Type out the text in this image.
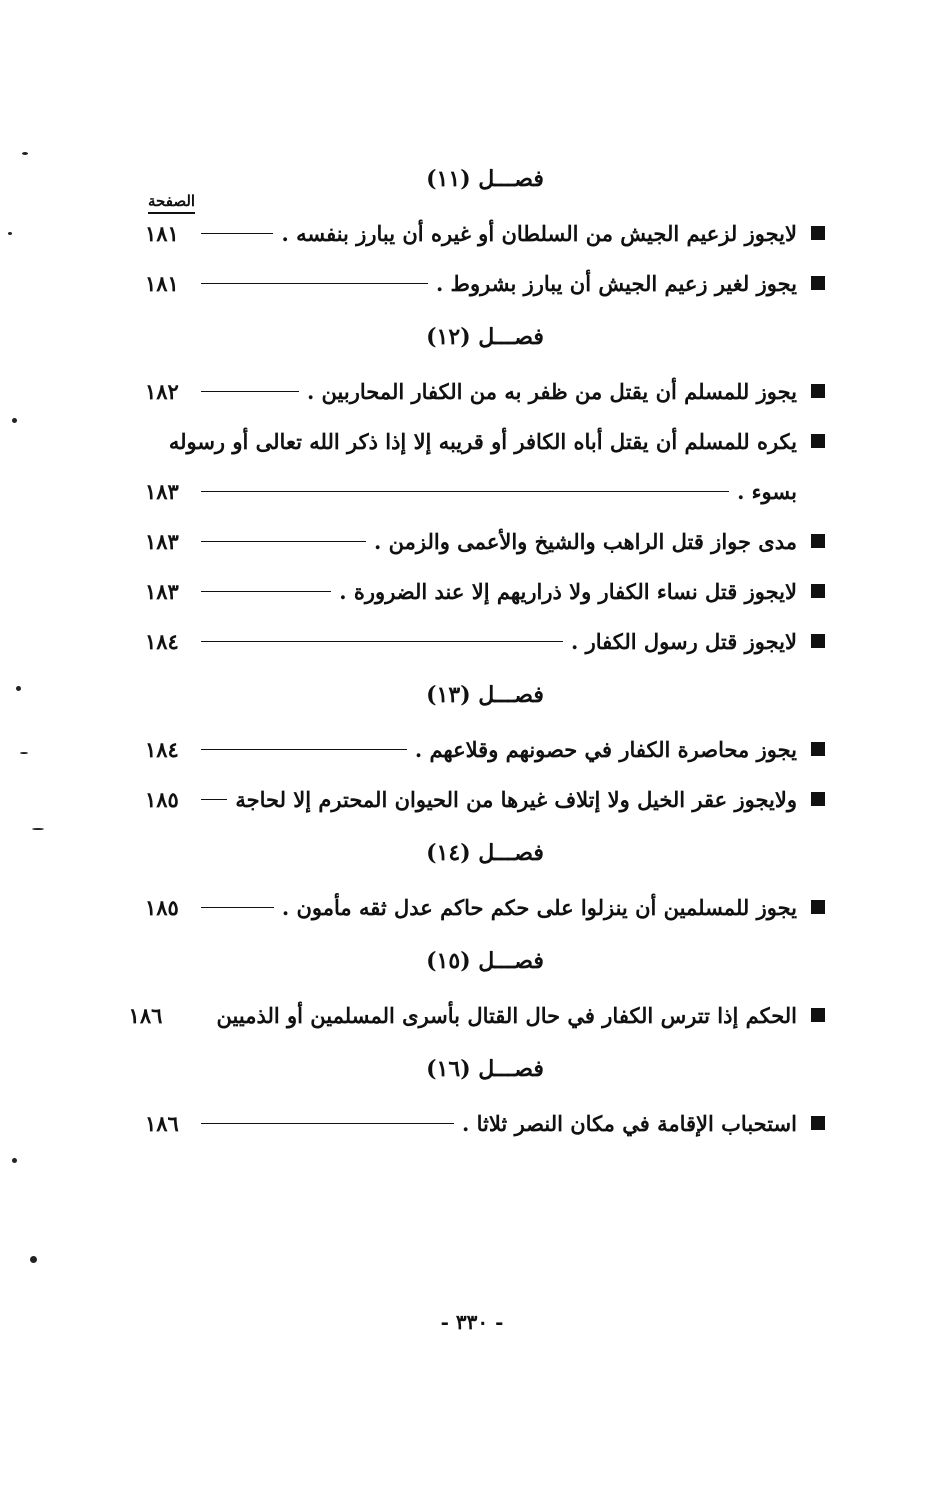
الصفحة
فصـــل (١١)
لايجوز لزعيم الجيش من السلطان أو غيره أن يبارز بنفسه .
١٨١
يجوز لغير زعيم الجيش أن يبارز بشروط .
١٨١
فصـــل (١٢)
يجوز للمسلم أن يقتل من ظفر به من الكفار المحاربين .
١٨٢
يكره للمسلم أن يقتل أباه الكافر أو قريبه إلا إذا ذكر الله تعالى أو رسوله
بسوء .
١٨٣
مدى جواز قتل الراهب والشيخ والأعمى والزمن .
١٨٣
لايجوز قتل نساء الكفار ولا ذراريهم إلا عند الضرورة .
١٨٣
لايجوز قتل رسول الكفار .
١٨٤
فصـــل (١٣)
يجوز محاصرة الكفار في حصونهم وقلاعهم .
١٨٤
ولايجوز عقر الخيل ولا إتلاف غيرها من الحيوان المحترم إلا لحاجة
١٨٥
فصـــل (١٤)
يجوز للمسلمين أن ينزلوا على حكم حاكم عدل ثقه مأمون .
١٨٥
فصـــل (١٥)
الحكم إذا تترس الكفار في حال القتال بأسرى المسلمين أو الذميين
١٨٦
فصـــل (١٦)
استحباب الإقامة في مكان النصر ثلاثا .
١٨٦
- ٣٣٠ -
